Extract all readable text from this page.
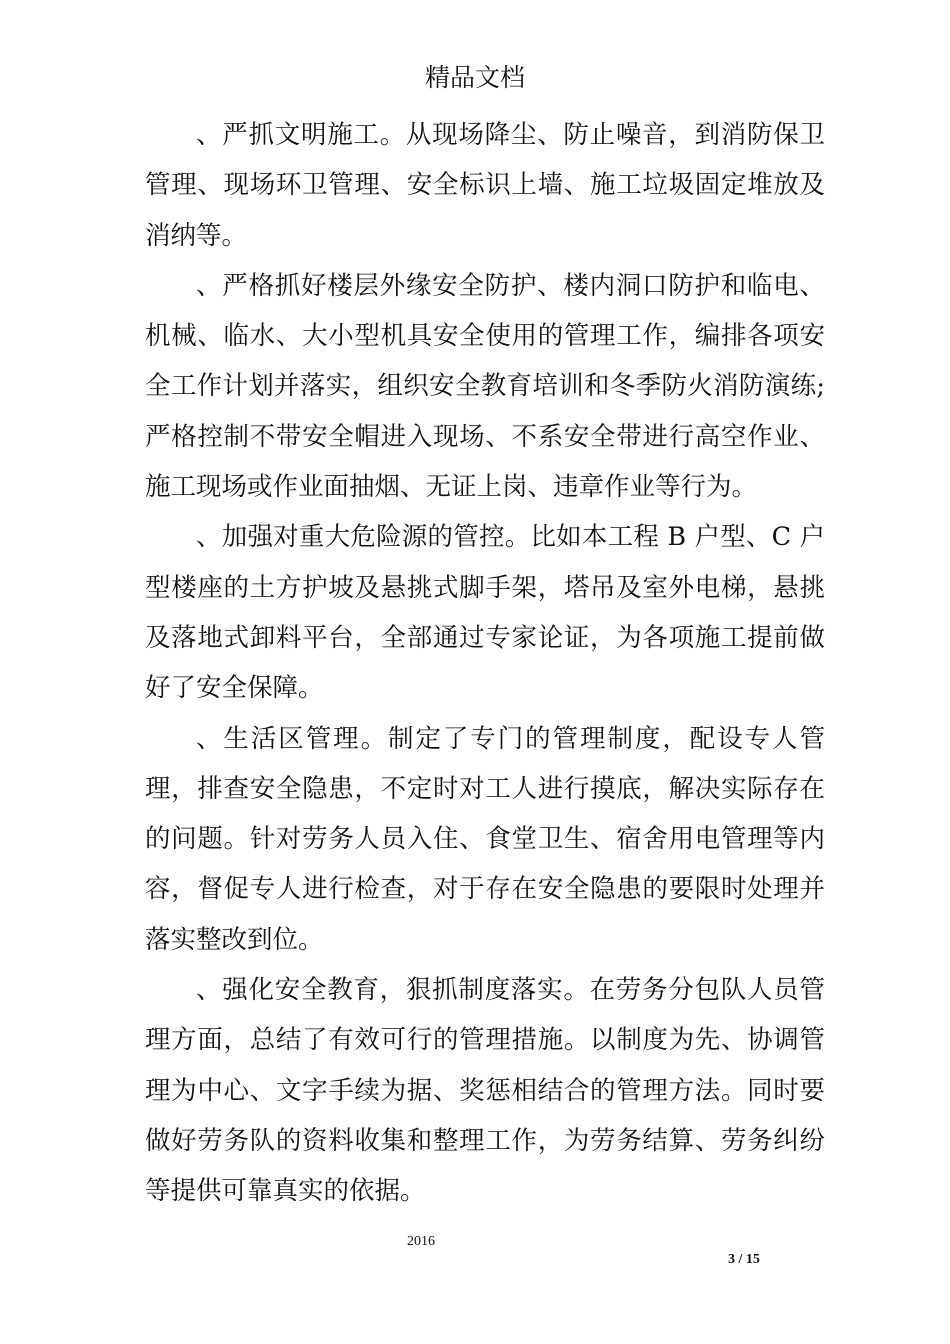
精品文档

、严抓文明施工。从现场降尘、防止噪音，到消防保卫管理、现场环卫管理、安全标识上墙、施工垃圾固定堆放及消纳等。

、严格抓好楼层外缘安全防护、楼内洞口防护和临电、机械、临水、大小型机具安全使用的管理工作，编排各项安全工作计划并落实，组织安全教育培训和冬季防火消防演练;严格控制不带安全帽进入现场、不系安全带进行高空作业、施工现场或作业面抽烟、无证上岗、违章作业等行为。

、加强对重大危险源的管控。比如本工程 B 户型、C 户型楼座的土方护坡及悬挑式脚手架，塔吊及室外电梯，悬挑及落地式卸料平台，全部通过专家论证，为各项施工提前做好了安全保障。

、生活区管理。制定了专门的管理制度，配设专人管理，排查安全隐患，不定时对工人进行摸底，解决实际存在的问题。针对劳务人员入住、食堂卫生、宿舍用电管理等内容，督促专人进行检查，对于存在安全隐患的要限时处理并落实整改到位。

、强化安全教育，狠抓制度落实。在劳务分包队人员管理方面，总结了有效可行的管理措施。以制度为先、协调管理为中心、文字手续为据、奖惩相结合的管理方法。同时要做好劳务队的资料收集和整理工作，为劳务结算、劳务纠纷等提供可靠真实的依据。

2016
3 / 15
